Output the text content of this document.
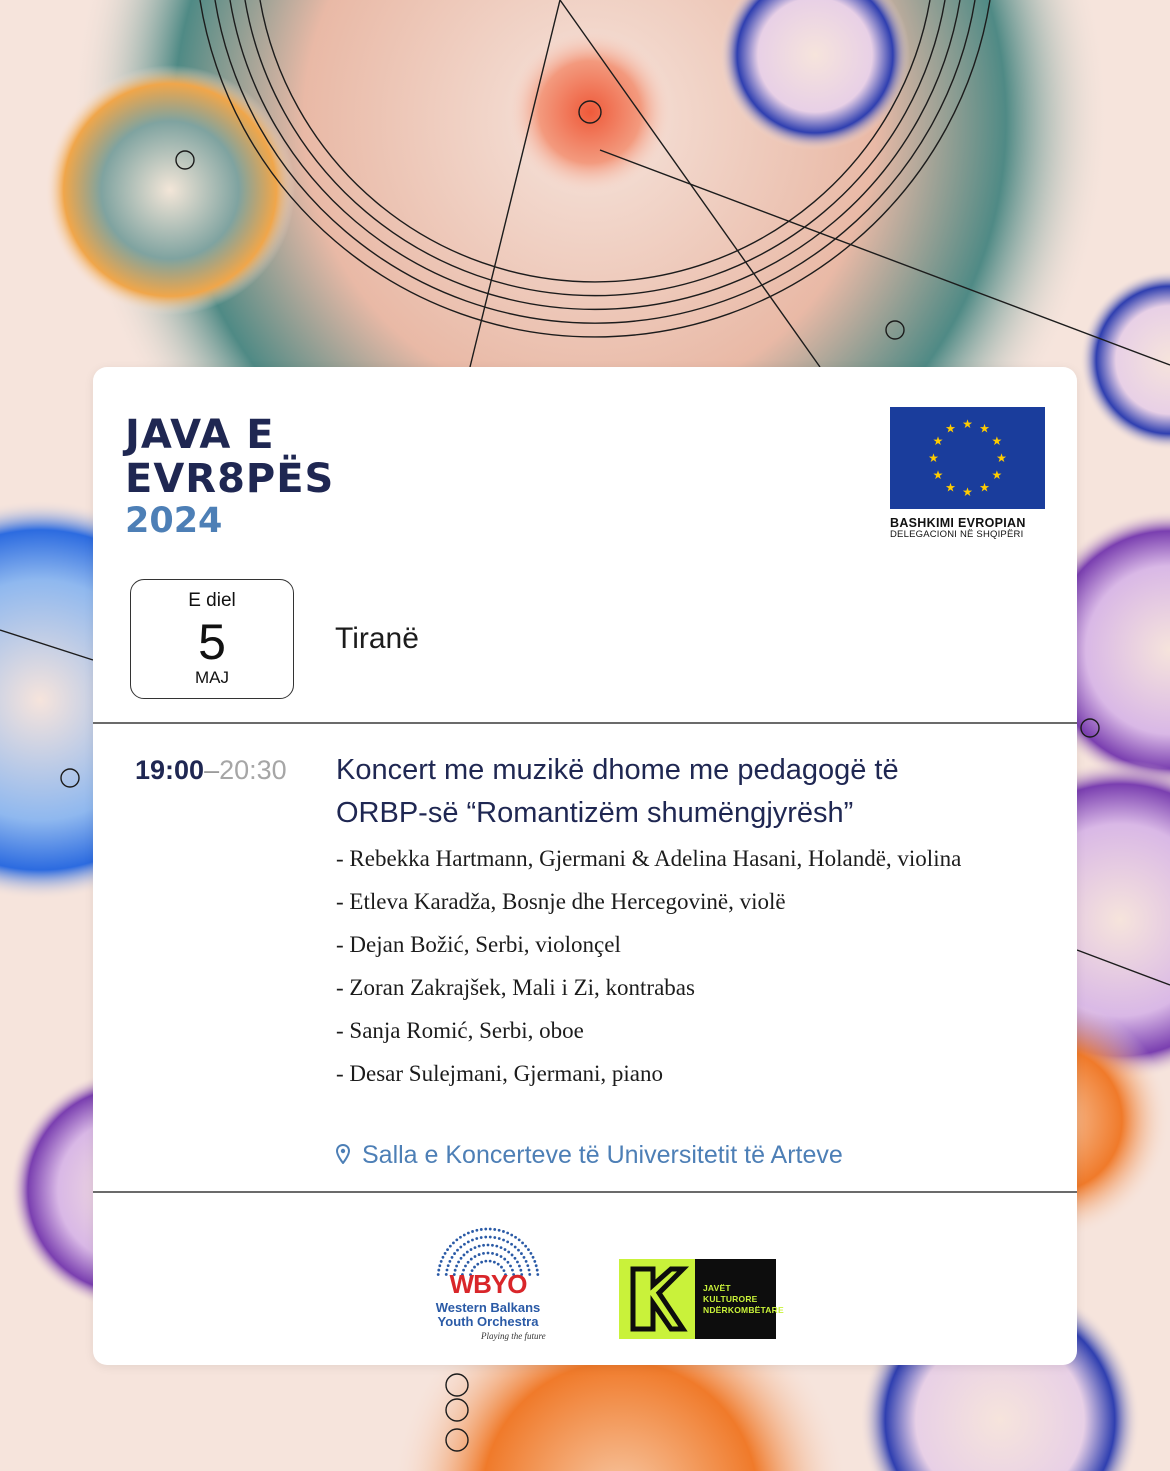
JAVA E
EVR8PËS
2024
★ ★
★
★
★
★
★
★
★
★
★
★
BASHKIMI EVROPIAN
DELEGACIONI NË SHQIPËRI
E diel
5
MAJ
Tiranë
19:00–20:30 Koncert me muzikë dhome me pedagogë të
ORBP-së “Romantizëm shumëngjyrësh”
- Rebekka Hartmann, Gjermani & Adelina Hasani, Holandë, violina
- Etleva Karadža, Bosnje dhe Hercegovinë, violë
- Dejan Božić, Serbi, violonçel
- Zoran Zakrajšek, Mali i Zi, kontrabas
- Sanja Romić, Serbi, oboe
- Desar Sulejmani, Gjermani, piano
Salla e Koncerteve të Universitetit të Arteve
WBYO
Western Balkans
Youth Orchestra
Playing the future
JAVËT
KULTURORE
NDËRKOMBËTARE
